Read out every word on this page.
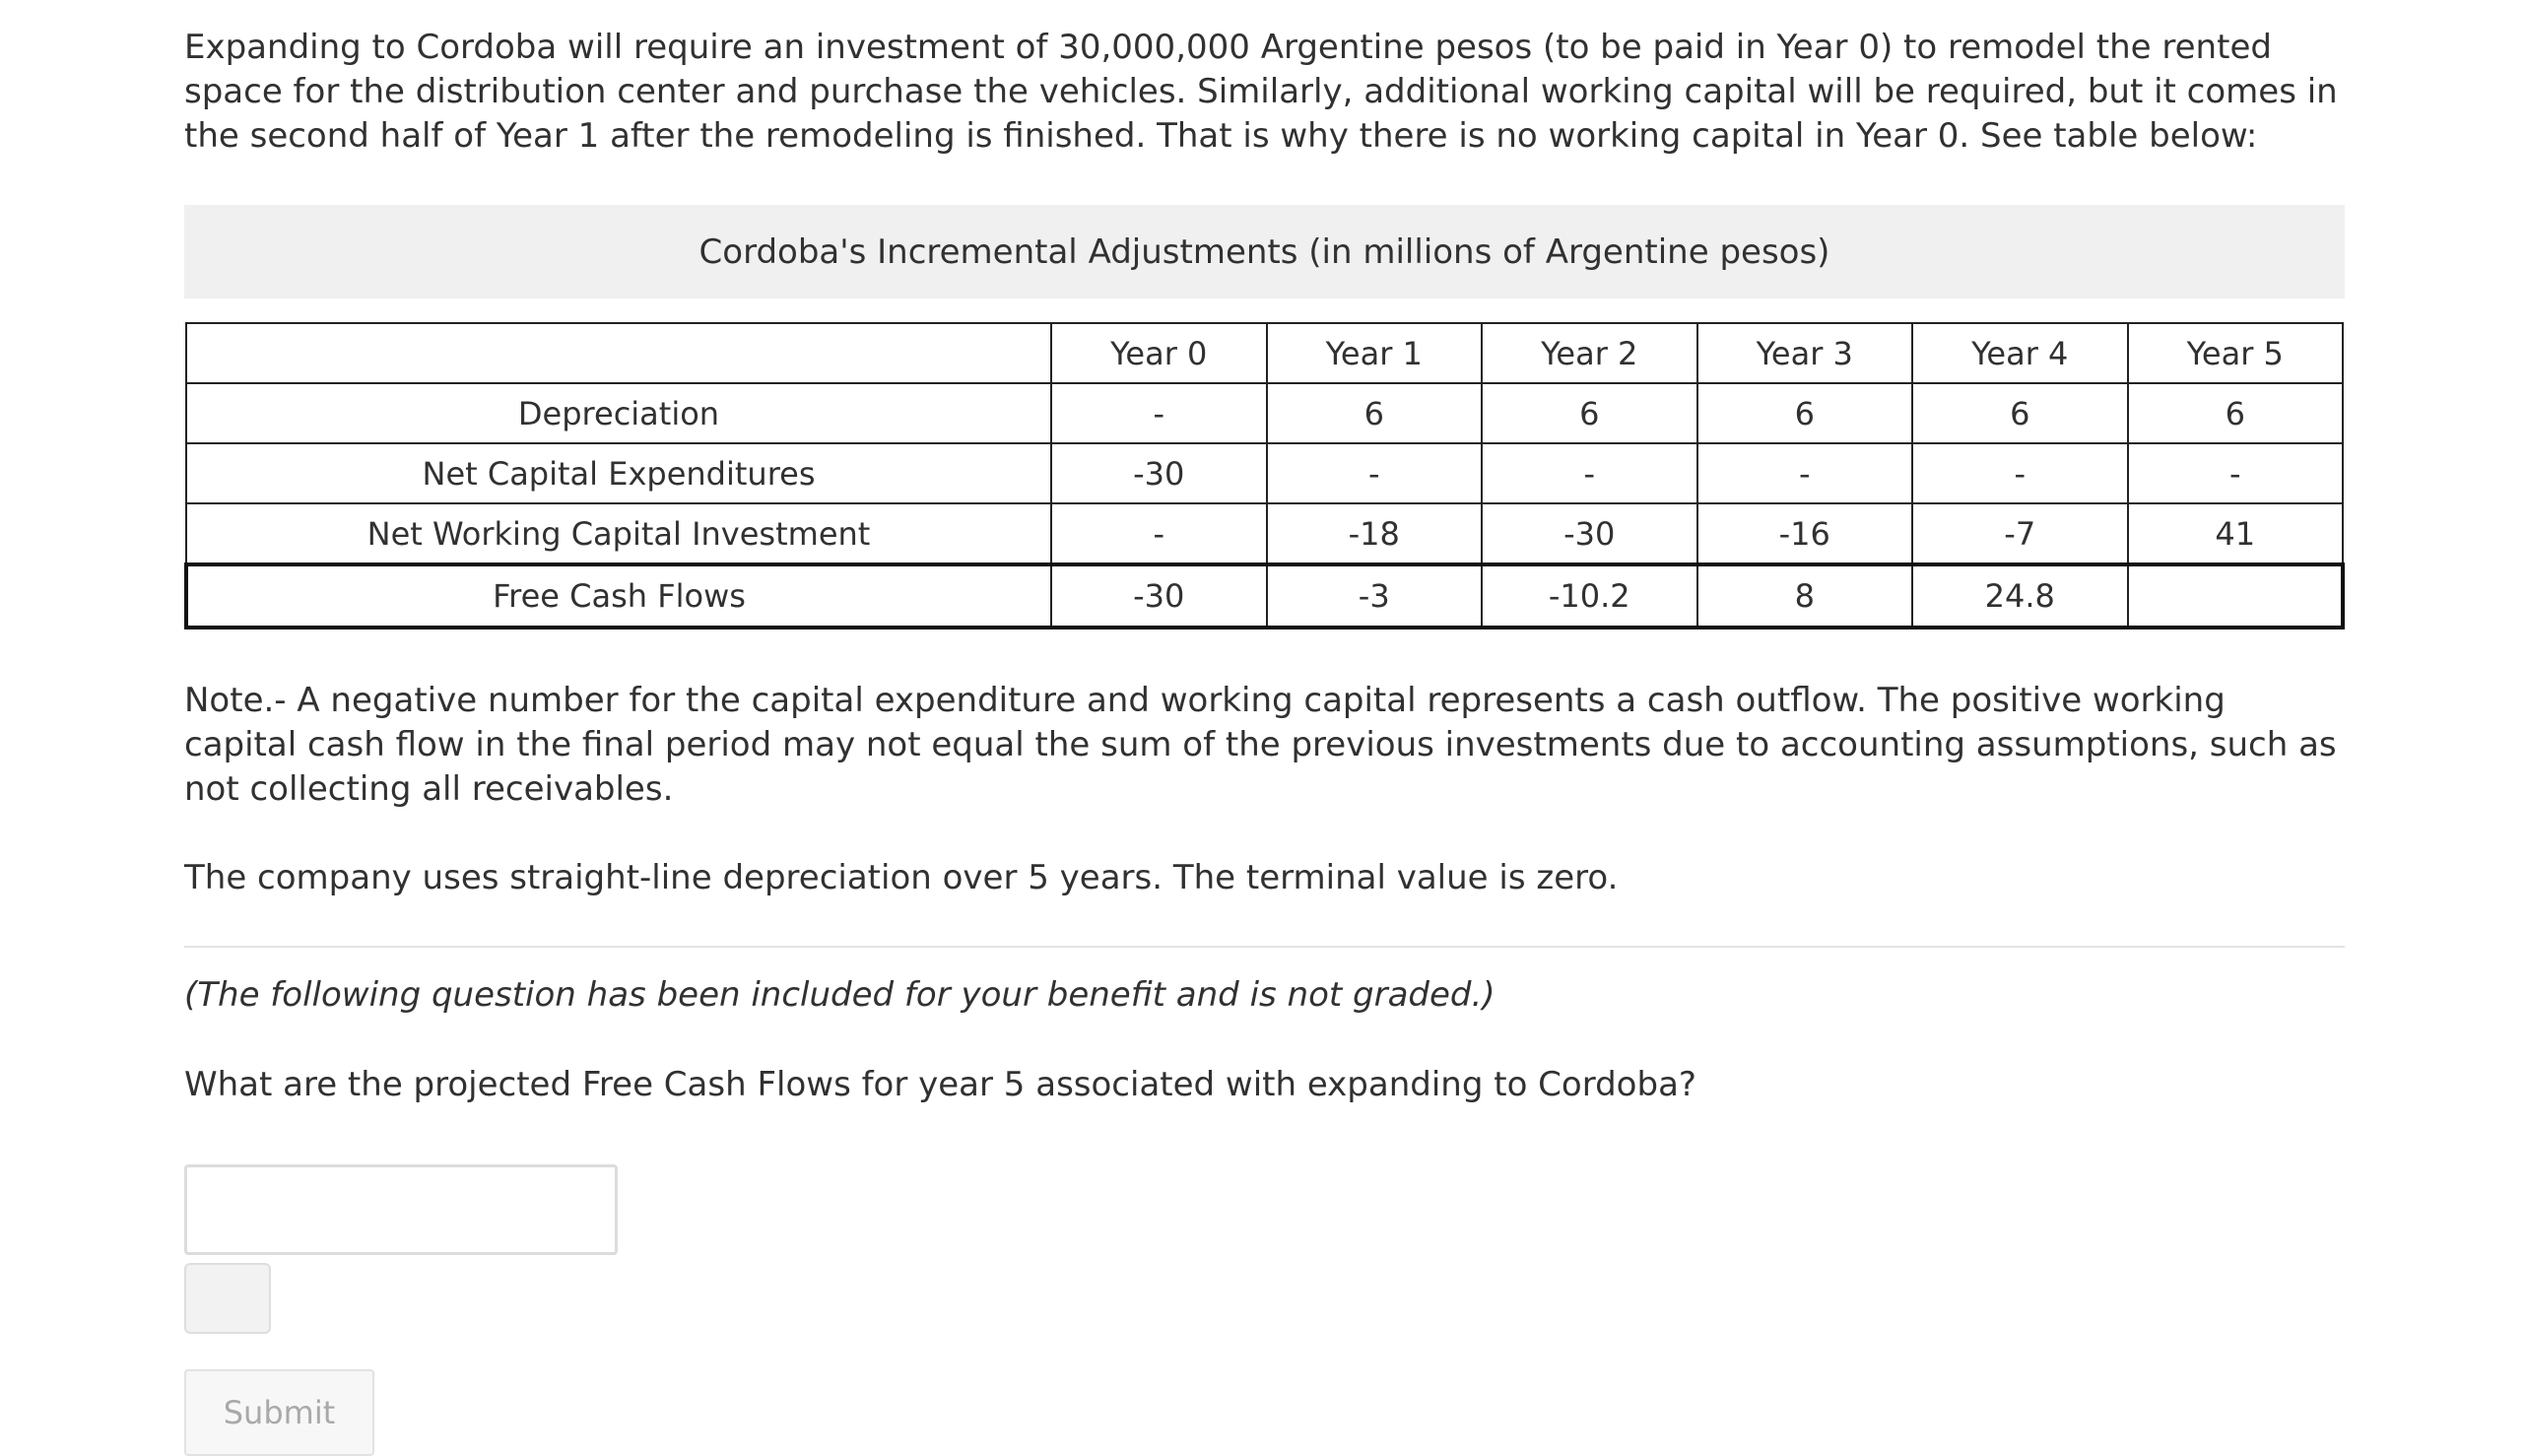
Expanding to Cordoba will require an investment of 30,000,000 Argentine pesos (to be paid in Year 0) to remodel the rented space for the distribution center and purchase the vehicles. Similarly, additional working capital will be required, but it comes in the second half of Year 1 after the remodeling is finished. That is why there is no working capital in Year 0. See table below:

Cordoba's Incremental Adjustments (in millions of Argentine pesos)
	Year 0	Year 1	Year 2	Year 3	Year 4	Year 5
Depreciation	-	6	6	6	6	6
Net Capital Expenditures	-30	-	-	-	-	-
Net Working Capital Investment	-	-18	-30	-16	-7	41
Free Cash Flows	-30	-3	-10.2	8	24.8	

Note.- A negative number for the capital expenditure and working capital represents a cash outflow. The positive working capital cash flow in the final period may not equal the sum of the previous investments due to accounting assumptions, such as not collecting all receivables.

The company uses straight-line depreciation over 5 years. The terminal value is zero.

(The following question has been included for your benefit and is not graded.)

What are the projected Free Cash Flows for year 5 associated with expanding to Cordoba?

Submit
